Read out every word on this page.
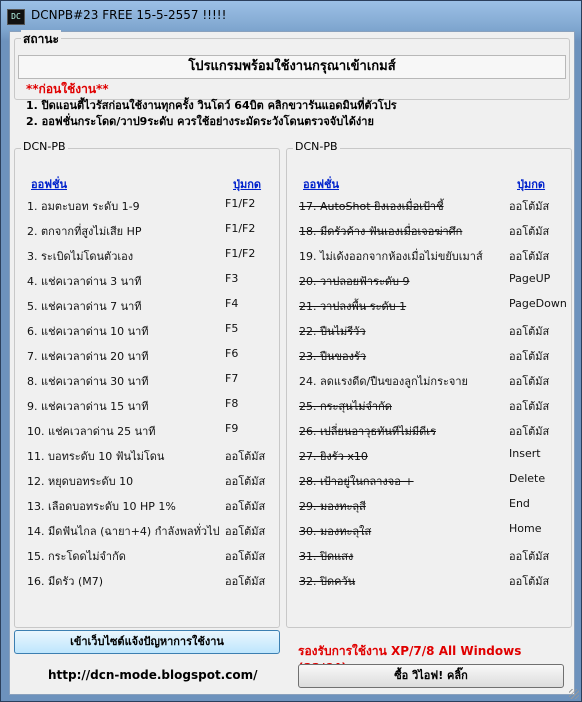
DC DCNPB#23 FREE 15-5-2557 !!!!!
สถานะ
โปรแกรมพร้อมใช้งานกรุณาเข้าเกมส์
**ก่อนใช้งาน**
1. ปิดแอนตี้ไวรัสก่อนใช้งานทุกครั้ง วินโดว์ 64บิต คลิกขวารันแอดมินที่ตัวโปร
2. ออฟชั่นกระโดด/วาป9ระดับ ควรใช้อย่างระมัดระวังโดนตรวจจับได้ง่าย
DCN-PB
ออฟชั่น	ปุ่มกด
1. อมตะบอท ระดับ 1-9	F1/F2
2. ตกจากที่สูงไม่เสีย HP	F1/F2
3. ระเบิดไม่โดนตัวเอง	F1/F2
4. แช่คเวลาด่าน 3 นาที	F3
5. แช่คเวลาด่าน 7 นาที	F4
6. แช่คเวลาด่าน 10 นาที	F5
7. แช่คเวลาด่าน 20 นาที	F6
8. แช่คเวลาด่าน 30 นาที	F7
9. แช่คเวลาด่าน 15 นาที	F8
10. แช่คเวลาด่าน 25 นาที	F9
11. บอทระดับ 10 ฟันไม่โดน	ออโต้มัส
12. หยุดบอทระดับ 10	ออโต้มัส
13. เลือดบอทระดับ 10 HP 1%	ออโต้มัส
14. มีดฟันไกล (ฉายา+4) กำลังพลทั่วไป ออโต้มัส
15. กระโดดไม่จำกัด	ออโต้มัส
16. มีดรัว (M7)	ออโต้มัส
DCN-PB
ออฟชั่น	ปุ่มกด
17. AutoShot ยิงเองเมื่อเป้าชี้	ออโต้มัส
18. มีดรัวค้าง ฟันเองเมื่อเจอฆ่าศึก	ออโต้มัส
19. ไม่เด้งออกจากห้องเมื่อไม่ขยับเมาส์ ออโต้มัส
20. วาปลอยฟ้าระดับ 9	PageUP
21. วาปลงพื้น ระดับ 1	PageDown
22. ปืนไม่รีวัว	ออโต้มัส
23. ปืนของรัว	ออโต้มัส
24. ลดแรงดีด/ปืนของลูกไม่กระจาย	ออโต้มัส
25. กระสุนไม่จำกัด	ออโต้มัส
26. เปลี่ยนอาวุธทันทีไม่มีดีเร	ออโต้มัส
27. ยิงรัว x10	Insert
28. เป้าอยู่ในกลางจอ +	Delete
29. มองทะลุสี	End
30. มองทะลุใส	Home
31. ปิดแสง	ออโต้มัส
32. ปิดควัน	ออโต้มัส
เข้าเว็บไซต์แจ้งปัญหาการใช้งาน
รองรับการใช้งาน XP/7/8 All Windows
http://dcn-mode.blogspot.com/	ซื้อ วิไอฟ! คลิ๊ก
